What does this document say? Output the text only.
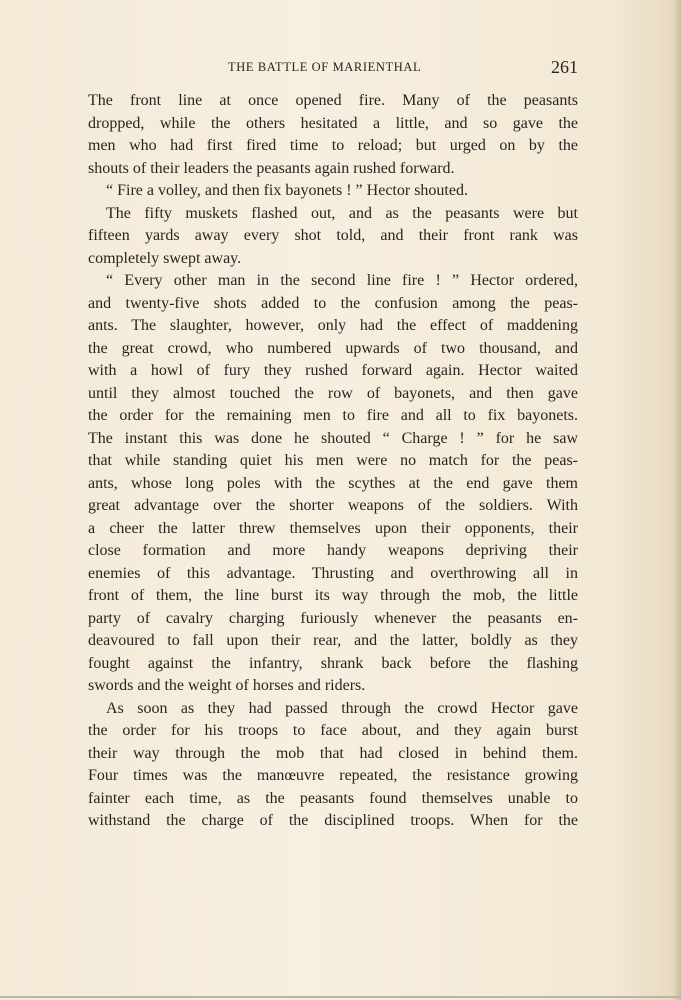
THE BATTLE OF MARIENTHAL	261
The front line at once opened fire. Many of the peasants
dropped, while the others hesitated a little, and so gave the
men who had first fired time to reload; but urged on by the
shouts of their leaders the peasants again rushed forward.
“ Fire a volley, and then fix bayonets ! ” Hector shouted.
The fifty muskets flashed out, and as the peasants were but
fifteen yards away every shot told, and their front rank was
completely swept away.
“ Every other man in the second line fire ! ” Hector ordered,
and twenty-five shots added to the confusion among the peas-
ants. The slaughter, however, only had the effect of maddening
the great crowd, who numbered upwards of two thousand, and
with a howl of fury they rushed forward again. Hector waited
until they almost touched the row of bayonets, and then gave
the order for the remaining men to fire and all to fix bayonets.
The instant this was done he shouted “ Charge ! ” for he saw
that while standing quiet his men were no match for the peas-
ants, whose long poles with the scythes at the end gave them
great advantage over the shorter weapons of the soldiers. With
a cheer the latter threw themselves upon their opponents, their
close formation and more handy weapons depriving their
enemies of this advantage. Thrusting and overthrowing all in
front of them, the line burst its way through the mob, the little
party of cavalry charging furiously whenever the peasants en-
deavoured to fall upon their rear, and the latter, boldly as they
fought against the infantry, shrank back before the flashing
swords and the weight of horses and riders.
As soon as they had passed through the crowd Hector gave
the order for his troops to face about, and they again burst
their way through the mob that had closed in behind them.
Four times was the manœuvre repeated, the resistance growing
fainter each time, as the peasants found themselves unable to
withstand the charge of the disciplined troops. When for the
